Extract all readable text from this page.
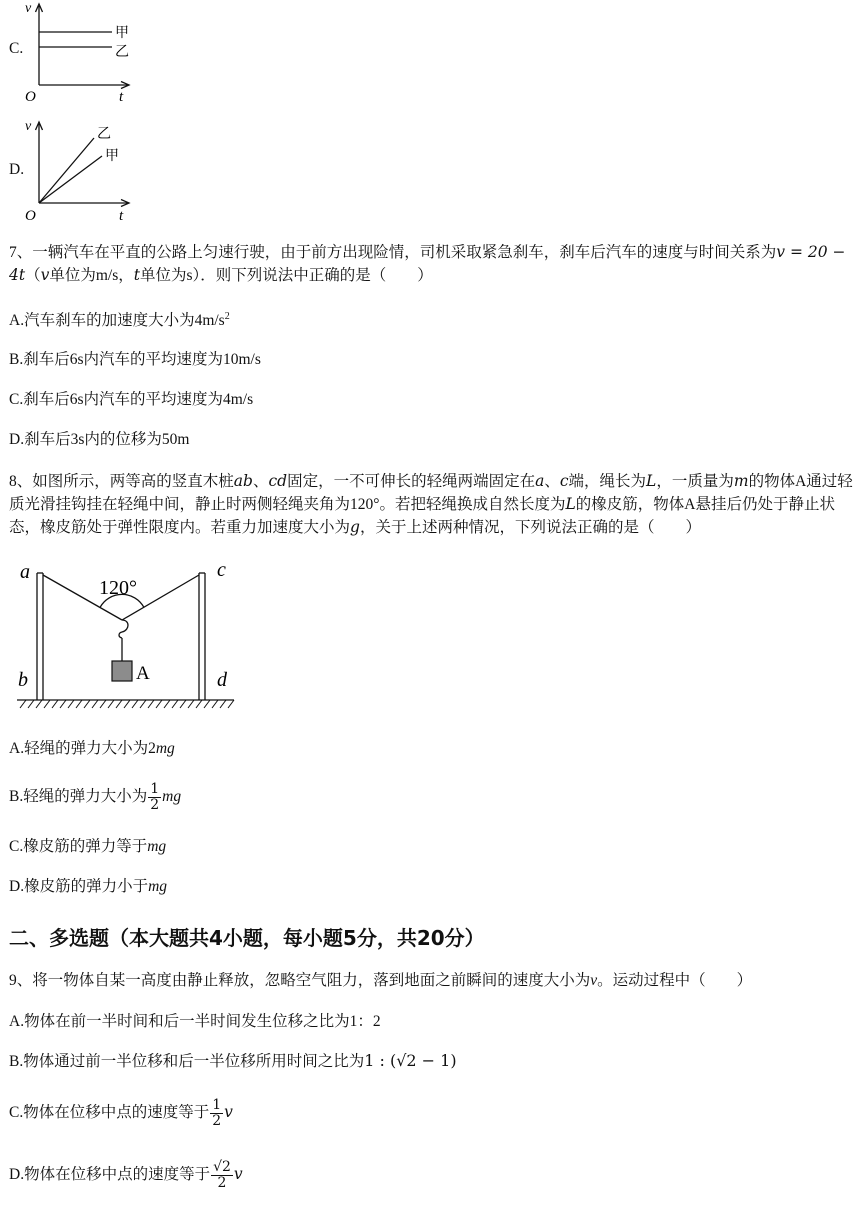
C.
v
O	t
甲
乙
D.
v
O	t
乙
甲
7、一辆汽车在平直的公路上匀速行驶，由于前方出现险情，司机采取紧急刹车，刹车后汽车的速度与时间关系为v = 20 − 4t（v单位为m/s，t单位为s）．则下列说法中正确的是（　　）
A.汽车刹车的加速度大小为$4m/s^2$
B.刹车后6s内汽车的平均速度为10m/s
C.刹车后6s内汽车的平均速度为4m/s
D.刹车后3s内的位移为50m
8、如图所示，两等高的竖直木桩ab、cd固定，一不可伸长的轻绳两端固定在a、c端，绳长为L，一质量为m的物体A通过轻质光滑挂钩挂在轻绳中间，静止时两侧轻绳夹角为120°。若把轻绳换成自然长度为L的橡皮筋，物体A悬挂后仍处于静止状态，橡皮筋处于弹性限度内。若重力加速度大小为g，关于上述两种情况，下列说法正确的是（　　）
a	c
b	d
120°
A
A.轻绳的弹力大小为2mg
B.轻绳的弹力大小为 $\frac{1}{2}$ mg
C.橡皮筋的弹力等于mg
D.橡皮筋的弹力小于mg
二、多选题（本大题共4小题，每小题5分，共20分）
9、将一物体自某一高度由静止释放，忽略空气阻力，落到地面之前瞬间的速度大小为v。运动过程中（　　）
A.物体在前一半时间和后一半时间发生位移之比为1：2
B.物体通过前一半位移和后一半位移所用时间之比为1 : (√2 − 1)
C.物体在位移中点的速度等于 $\frac{1}{2}$ v
D.物体在位移中点的速度等于 $\frac{√2}{2}$ v
